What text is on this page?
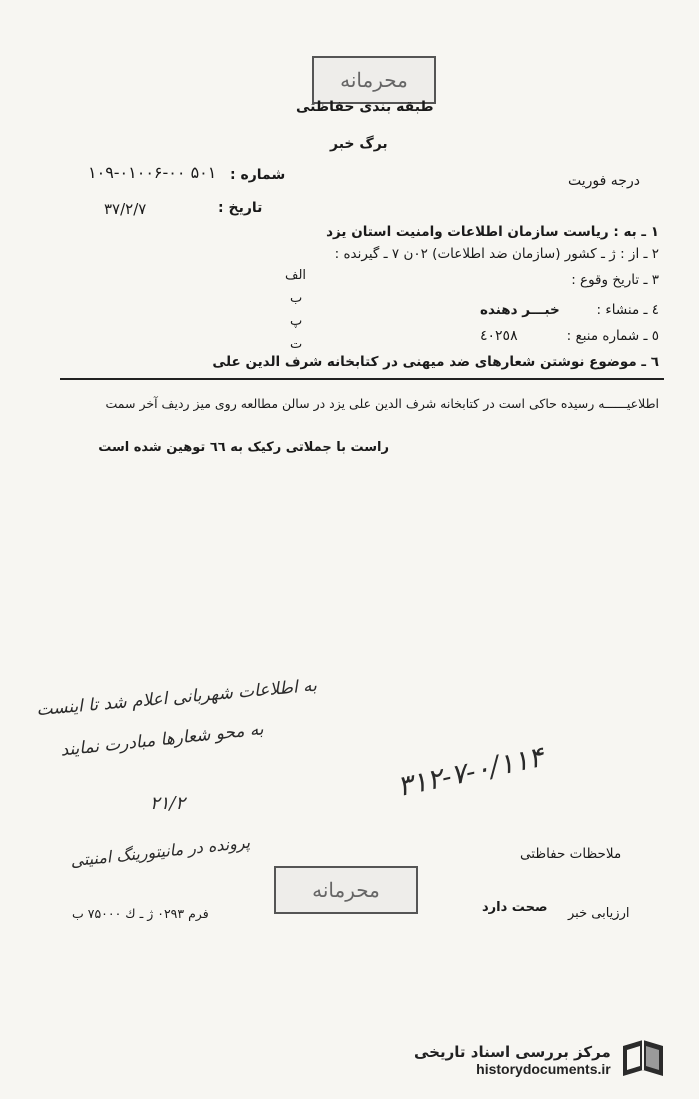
محرمانه
طبقه بندی حفاظتی
برگ خبر
شماره :
۱۰۹-۰۱۰۰۶-۰۰ ۵۰۱	درجه فوریت
تاریخ :
۳۷/۲/۷
۱ ـ به : ریاست سازمان اطلاعات وامنیت استان یزد
۲ ـ از : ژ ـ کشور (سازمان ضد اطلاعات) ۰۲ن ۷ ـ گیرنده :
الف
ب
پ
ت
۳ ـ تاریخ وقوع :
٤ ـ منشاء :
خبـــر دهنده
٥ ـ شماره منبع :
٤٠٢٥٨
٦ ـ موضوع نوشتن شعارهای ضد میهنی در کتابخانه شرف الدین علی
اطلاعیــــــه رسیده حاکی است در کتابخانه شرف الدین علی یزد در سالن مطالعه روی میز ردیف آخر سمت
راست با جملاتی رکیک به ٦٦ توهین شده است
به اطلاعات شهربانی اعلام شد تا اینست
به محو شعارها مبادرت نمایند
۲۱/۲
پرونده در مانیتورینگ امنیتی
۳۱۲-۷-۰/۱۱۴
ملاحظات حفاظتی
محرمانه
ارزیابی خبر
صحت دارد
فرم ۰۲۹۳ ژ ـ ك ۷۵۰۰۰ ب
مرکز بررسی اسناد تاریخی
historydocuments.ir
